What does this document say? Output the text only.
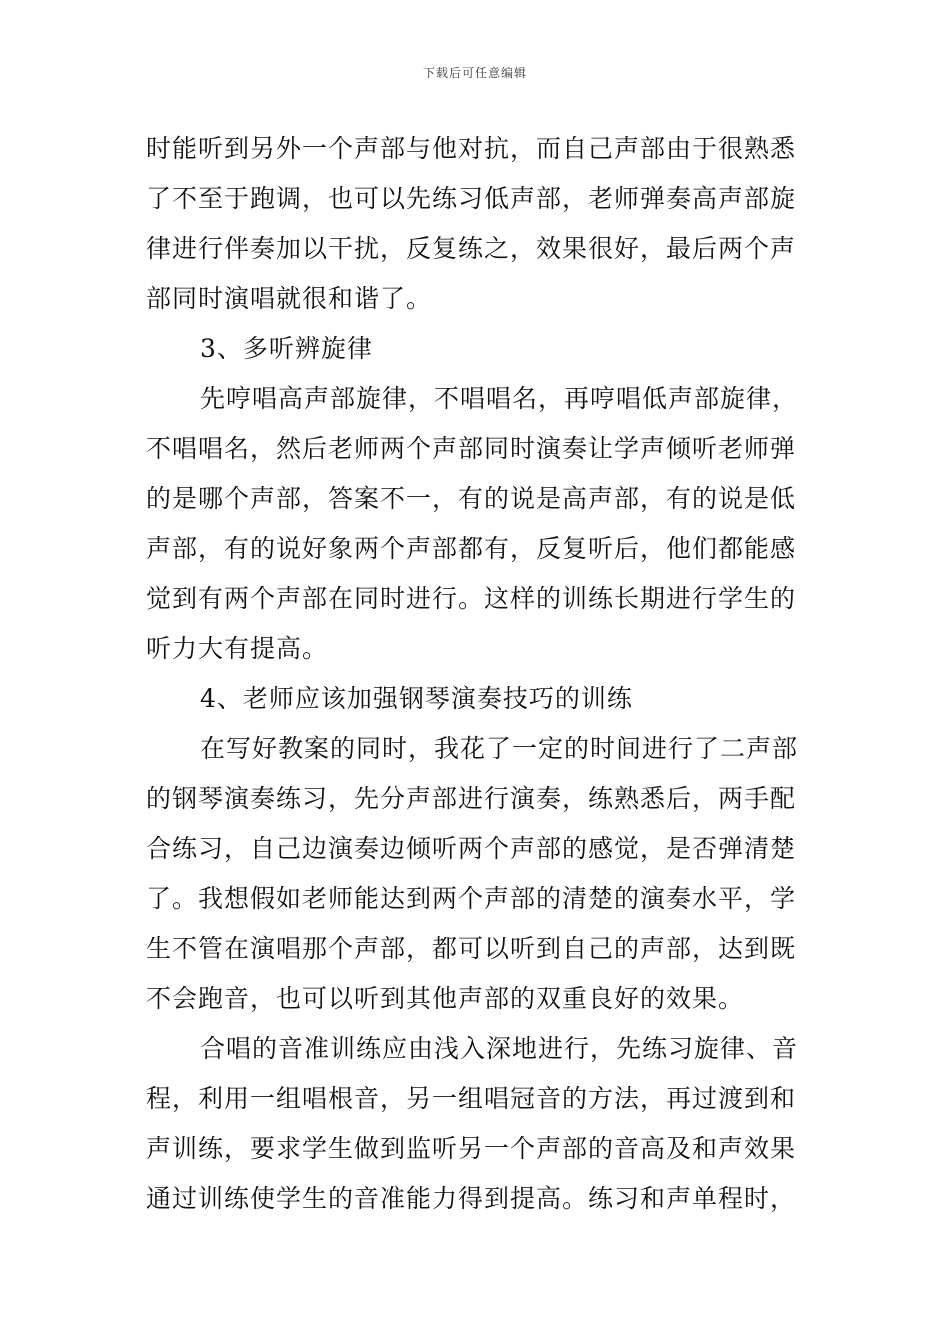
下载后可任意编辑
时能听到另外一个声部与他对抗，而自己声部由于很熟悉
了不至于跑调，也可以先练习低声部，老师弹奏高声部旋
律进行伴奏加以干扰，反复练之，效果很好，最后两个声
部同时演唱就很和谐了。
3、多听辨旋律
先哼唱高声部旋律，不唱唱名，再哼唱低声部旋律，
不唱唱名，然后老师两个声部同时演奏让学声倾听老师弹
的是哪个声部，答案不一，有的说是高声部，有的说是低
声部，有的说好象两个声部都有，反复听后，他们都能感
觉到有两个声部在同时进行。这样的训练长期进行学生的
听力大有提高。
4、老师应该加强钢琴演奏技巧的训练
在写好教案的同时，我花了一定的时间进行了二声部
的钢琴演奏练习，先分声部进行演奏，练熟悉后，两手配
合练习，自己边演奏边倾听两个声部的感觉，是否弹清楚
了。我想假如老师能达到两个声部的清楚的演奏水平，学
生不管在演唱那个声部，都可以听到自己的声部，达到既
不会跑音，也可以听到其他声部的双重良好的效果。
合唱的音准训练应由浅入深地进行，先练习旋律、音
程，利用一组唱根音，另一组唱冠音的方法，再过渡到和
声训练，要求学生做到监听另一个声部的音高及和声效果
通过训练使学生的音准能力得到提高。练习和声单程时，
